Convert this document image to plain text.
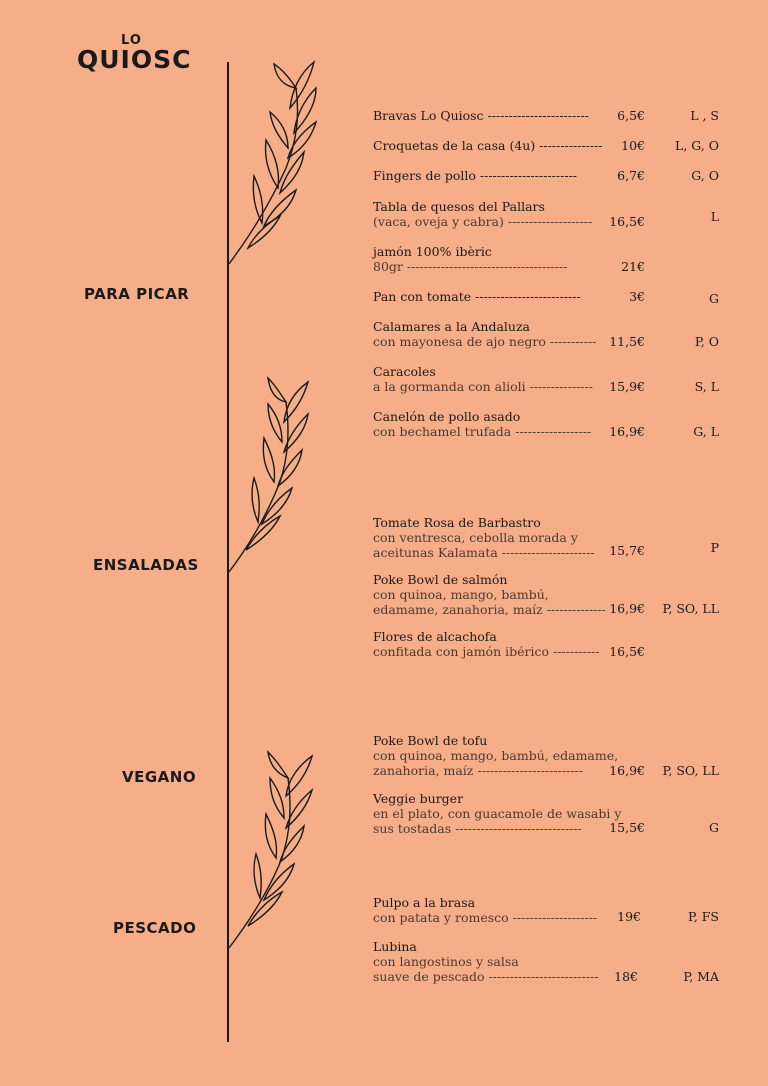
LO
QUIOSC
PARA PICAR
ENSALADAS
VEGANO
PESCADO
Bravas Lo Quiosc ------------------------	6,5€	L , S
Croquetas de la casa (4u) ---------------	10€ L, G, O
Fingers de pollo -----------------------	6,7€	G, O
Tabla de quesos del Pallars
(vaca, oveja y cabra) --------------------	16,5€	L
jamón 100% ibèric
80gr --------------------------------------	21€
Pan con tomate -------------------------	3€	G
Calamares a la Andaluza
con mayonesa de ajo negro -----------	11,5€	P, O
Caracoles
a la gormanda con alioli ---------------	15,9€	S, L
Canelón de pollo asado
con bechamel trufada ------------------	16,9€	G, L
Tomate Rosa de Barbastro
con ventresca, cebolla morada y
aceitunas Kalamata ----------------------	15,7€	P
Poke Bowl de salmón
con quinoa, mango, bambú,
edamame, zanahoria, maíz -------------- 16,9€ P, SO, LL
Flores de alcachofa
confitada con jamón ibérico ----------- 16,5€
Poke Bowl de tofu
con quinoa, mango, bambú, edamame,
zanahoria, maíz -------------------------	16,9€ P, SO, LL
Veggie burger
en el plato, con guacamole de wasabi y
sus tostadas ------------------------------	15,5€	G
Pulpo a la brasa
con patata y romesco --------------------	19€	P, FS
Lubina
con langostinos y salsa
suave de pescado --------------------------	18€	P, MA
